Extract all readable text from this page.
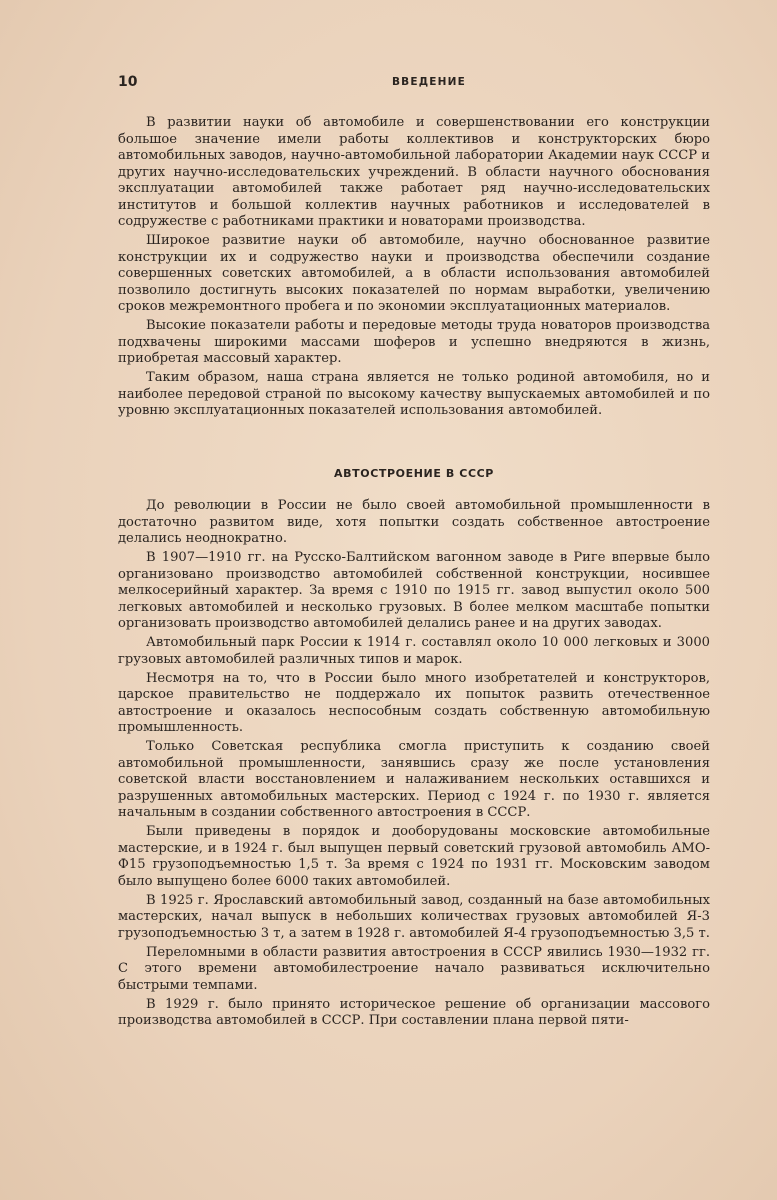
10	ВВЕДЕНИЕ

В развитии науки об автомобиле и совершенствовании его конструкции большое значение имели работы коллективов и конструкторских бюро автомобильных заводов, научно-автомобильной лаборатории Академии наук СССР и других научно-исследовательских учреждений. В области научного обоснования эксплуатации автомобилей также работает ряд научно-исследовательских институтов и большой коллектив научных работников и исследователей в содружестве с работниками практики и новаторами производства.

Широкое развитие науки об автомобиле, научно обоснованное развитие конструкции их и содружество науки и производства обеспечили создание совершенных советских автомобилей, а в области использования автомобилей позволило достигнуть высоких показателей по нормам выработки, увеличению сроков межремонтного пробега и по экономии эксплуатационных материалов.

Высокие показатели работы и передовые методы труда новаторов производства подхвачены широкими массами шоферов и успешно внедряются в жизнь, приобретая массовый характер.

Таким образом, наша страна является не только родиной автомобиля, но и наиболее передовой страной по высокому качеству выпускаемых автомобилей и по уровню эксплуатационных показателей использования автомобилей.

АВТОСТРОЕНИЕ В СССР

До революции в России не было своей автомобильной промышленности в достаточно развитом виде, хотя попытки создать собственное автостроение делались неоднократно.

В 1907—1910 гг. на Русско-Балтийском вагонном заводе в Риге впервые было организовано производство автомобилей собственной конструкции, носившее мелкосерийный характер. За время с 1910 по 1915 гг. завод выпустил около 500 легковых автомобилей и несколько грузовых. В более мелком масштабе попытки организовать производство автомобилей делались ранее и на других заводах.

Автомобильный парк России к 1914 г. составлял около 10 000 легковых и 3000 грузовых автомобилей различных типов и марок.

Несмотря на то, что в России было много изобретателей и конструкторов, царское правительство не поддержало их попыток развить отечественное автостроение и оказалось неспособным создать собственную автомобильную промышленность.

Только Советская республика смогла приступить к созданию своей автомобильной промышленности, занявшись сразу же после установления советской власти восстановлением и налаживанием нескольких оставшихся и разрушенных автомобильных мастерских. Период с 1924 г. по 1930 г. является начальным в создании собственного автостроения в СССР.

Были приведены в порядок и дооборудованы московские автомобильные мастерские, и в 1924 г. был выпущен первый советский грузовой автомобиль АМО-Ф15 грузоподъемностью 1,5 т. За время с 1924 по 1931 гг. Московским заводом было выпущено более 6000 таких автомобилей.

В 1925 г. Ярославский автомобильный завод, созданный на базе автомобильных мастерских, начал выпуск в небольших количествах грузовых автомобилей Я-3 грузоподъемностью 3 т, а затем в 1928 г. автомобилей Я-4 грузоподъемностью 3,5 т.

Переломными в области развития автостроения в СССР явились 1930—1932 гг. С этого времени автомобилестроение начало развиваться исключительно быстрыми темпами.

В 1929 г. было принято историческое решение об организации массового производства автомобилей в СССР. При составлении плана первой пяти-
